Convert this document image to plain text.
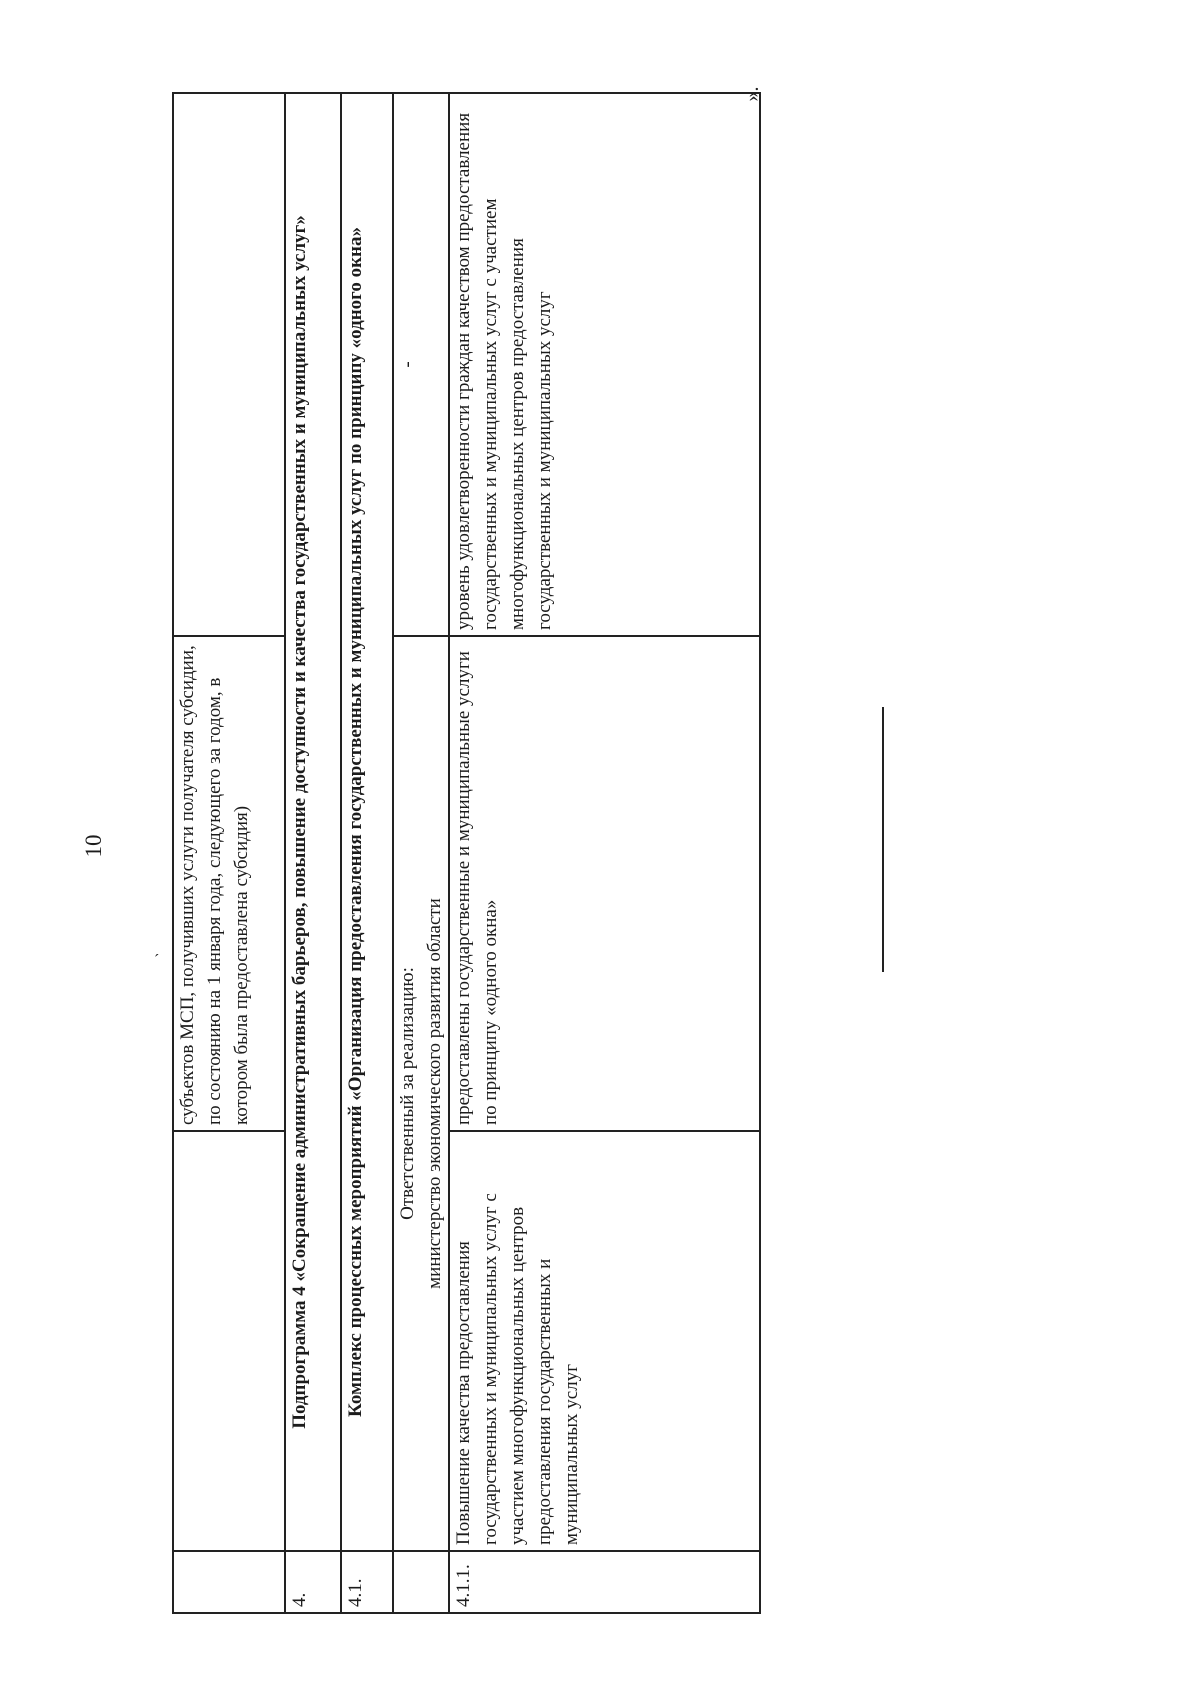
10
ˊ
».
		субъектов МСП, получивших услуги получателя субсидии, по состоянию на 1 января года, следующего за годом, в котором была предоставлена субсидия)	
4.	Подпрограмма 4 «Сокращение административных барьеров, повышение доступности и качества государственных и муниципальных услуг»		
4.1.	Комплекс процессных мероприятий «Организация предоставления государственных и муниципальных услуг по принципу «одного окна»		

	Ответственный за реализацию: министерство экономического развития области		-
4.1.1.	Повышение качества предоставления государственных и муниципальных услуг с участием многофункциональных центров предоставления государственных и муниципальных услуг	предоставлены государственные и муниципальные услуги по принципу «одного окна»	уровень удовлетворенности граждан качеством предоставления государственных и муниципальных услуг с участием многофункциональных центров предоставления государственных и муниципальных услуг
